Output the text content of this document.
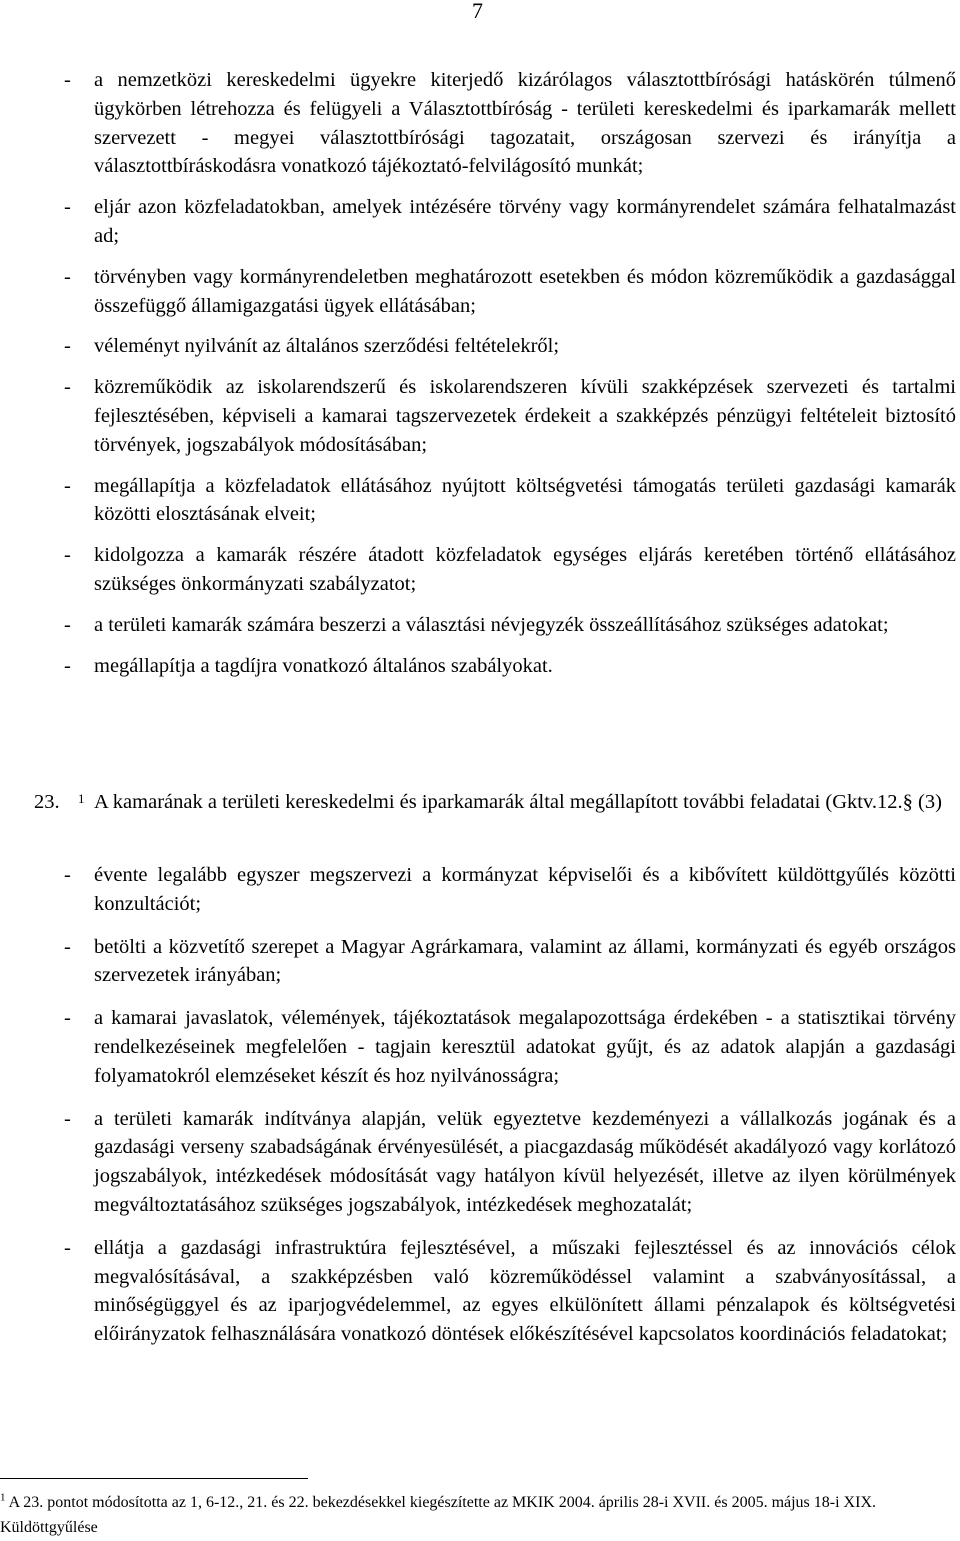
7
- a nemzetközi kereskedelmi ügyekre kiterjedő kizárólagos választottbírósági hatáskörén túlmenő ügykörben létrehozza és felügyeli a Választottbíróság - területi kereskedelmi és iparkamarák mellett szervezett - megyei választottbírósági tagozatait, országosan szervezi és irányítja a választottbíráskodásra vonatkozó tájékoztató-felvilágosító munkát;
- eljár azon közfeladatokban, amelyek intézésére törvény vagy kormányrendelet számára felhatalmazást ad;
- törvényben vagy kormányrendeletben meghatározott esetekben és módon közreműködik a gazdasággal összefüggő államigazgatási ügyek ellátásában;
- véleményt nyilvánít az általános szerződési feltételekről;
- közreműködik az iskolarendszerű és iskolarendszeren kívüli szakképzések szervezeti és tartalmi fejlesztésében, képviseli a kamarai tagszervezetek érdekeit a szakképzés pénzügyi feltételeit biztosító törvények, jogszabályok módosításában;
- megállapítja a közfeladatok ellátásához nyújtott költségvetési támogatás területi gazdasági kamarák közötti elosztásának elveit;
- kidolgozza a kamarák részére átadott közfeladatok egységes eljárás keretében történő ellátásához szükséges önkormányzati szabályzatot;
- a területi kamarák számára beszerzi a választási névjegyzék összeállításához szükséges adatokat;
- megállapítja a tagdíjra vonatkozó általános szabályokat.
23. 1 A kamarának a területi kereskedelmi és iparkamarák által megállapított további feladatai (Gktv.12.§ (3)
- évente legalább egyszer megszervezi a kormányzat képviselői és a kibővített küldöttgyűlés közötti konzultációt;
- betölti a közvetítő szerepet a Magyar Agrárkamara, valamint az állami, kormányzati és egyéb országos szervezetek irányában;
- a kamarai javaslatok, vélemények, tájékoztatások megalapozottsága érdekében - a statisztikai törvény rendelkezéseinek megfelelően - tagjain keresztül adatokat gyűjt, és az adatok alapján a gazdasági folyamatokról elemzéseket készít és hoz nyilvánosságra;
- a területi kamarák indítványa alapján, velük egyeztetve kezdeményezi a vállalkozás jogának és a gazdasági verseny szabadságának érvényesülését, a piacgazdaság működését akadályozó vagy korlátozó jogszabályok, intézkedések módosítását vagy hatályon kívül helyezését, illetve az ilyen körülmények megváltoztatásához szükséges jogszabályok, intézkedések meghozatalát;
- ellátja a gazdasági infrastruktúra fejlesztésével, a műszaki fejlesztéssel és az innovációs célok megvalósításával, a szakképzésben való közreműködéssel valamint a szabványosítással, a minőségüggyel és az iparjogvédelemmel, az egyes elkülönített állami pénzalapok és költségvetési előirányzatok felhasználására vonatkozó döntések előkészítésével kapcsolatos koordinációs feladatokat;
$^1$ A 23. pontot módosította az 1, 6-12., 21. és 22. bekezdésekkel kiegészítette az MKIK 2004. április 28-i XVII. és 2005. május 18-i XIX. Küldöttgyűlése
